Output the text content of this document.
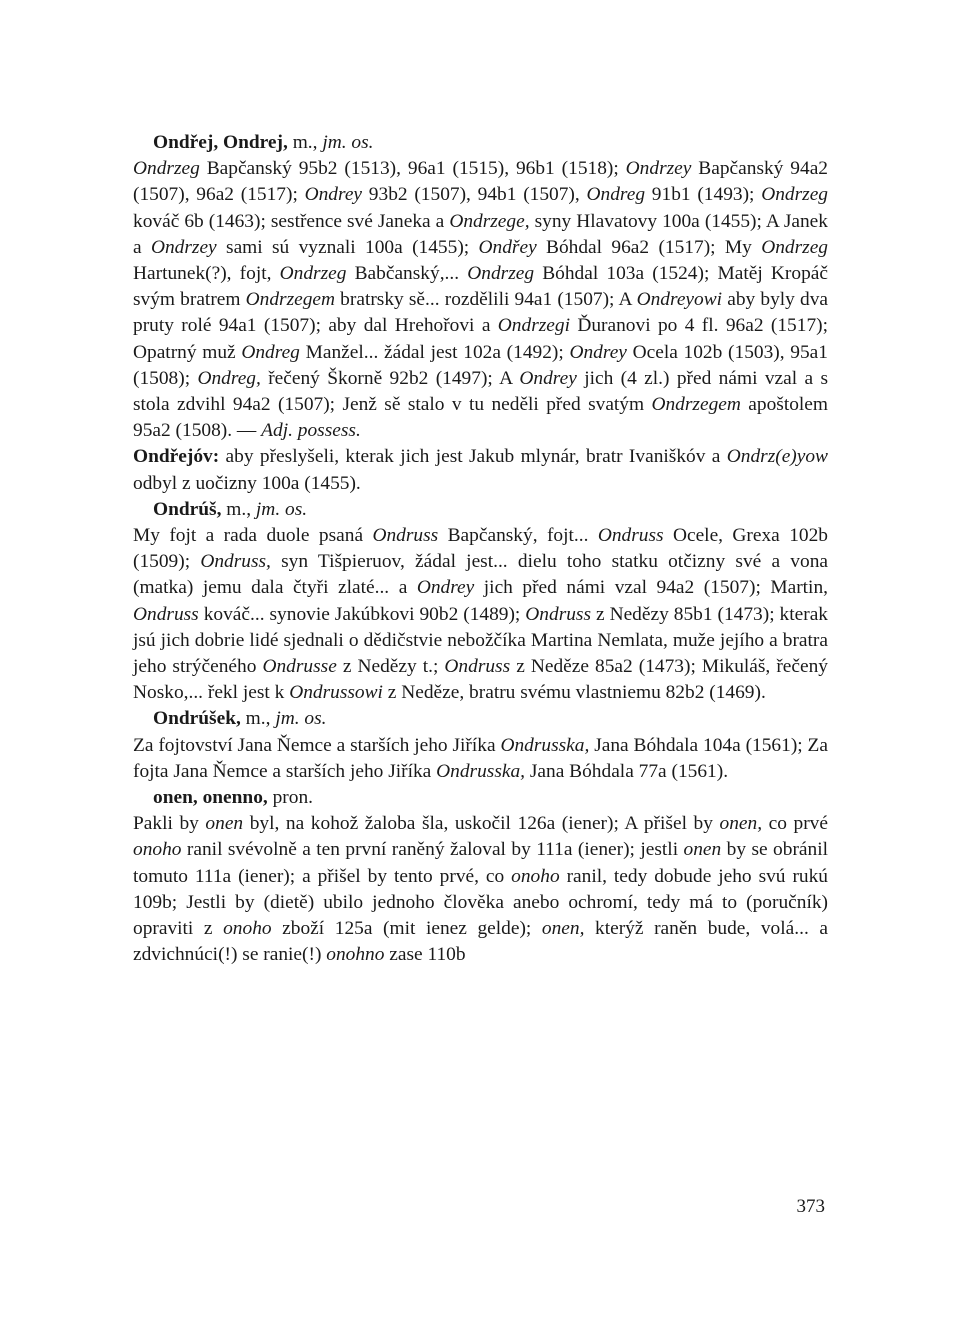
Ondřej, Ondrej, m., jm. os.

Ondrzeg Bapčanský 95b2 (1513), 96a1 (1515), 96b1 (1518); Ondrzey Bapčanský 94a2 (1507), 96a2 (1517); Ondrey 93b2 (1507), 94b1 (1507), Ondreg 91b1 (1493); Ondrzeg kováč 6b (1463); sestřence své Janeka a Ondrzege, syny Hlavatovy 100a (1455); A Janek a Ondrzey sami sú vyznali 100a (1455); Ondřey Bóhdal 96a2 (1517); My Ondrzeg Hartunek(?), fojt, Ondrzeg Babčanský,... Ondrzeg Bóhdal 103a (1524); Matěj Kropáč svým bratrem Ondrzegem bratrsky sě... rozdělili 94a1 (1507); A Ondreyowi aby byly dva pruty rolé 94a1 (1507); aby dal Hrehořovi a Ondrzegi Ďuranovi po 4 fl. 96a2 (1517); Opatrný muž Ondreg Manžel... žádal jest 102a (1492); Ondrey Ocela 102b (1503), 95a1 (1508); Ondreg, řečený Škorně 92b2 (1497); A Ondrey jich (4 zl.) před námi vzal a s stola zdvihl 94a2 (1507); Jenž sě stalo v tu neděli před svatým Ondrzegem apoštolem 95a2 (1508). — Adj. possess.

Ondřejóv: aby přeslyšeli, kterak jich jest Jakub mlynár, bratr Ivaniškóv a Ondrz(e)yow odbyl z uočizny 100a (1455).

Ondrúš, m., jm. os.

My fojt a rada duole psaná Ondruss Bapčanský, fojt... Ondruss Ocele, Grexa 102b (1509); Ondruss, syn Tišpieruov, žádal jest... dielu toho statku otčizny své a vona (matka) jemu dala čtyři zlaté... a Ondrey jich před námi vzal 94a2 (1507); Martin, Ondruss kováč... synovie Jakúbkovi 90b2 (1489); Ondruss z Nedězy 85b1 (1473); kterak jsú jich dobrie lidé sjednali o dědičstvie nebožčíka Martina Nemlata, muže jejího a bratra jeho strýčeného Ondrusse z Nedězy t.; Ondruss z Neděze 85a2 (1473); Mikuláš, řečený Nosko,... řekl jest k Ondrussowi z Neděze, bratru svému vlastniemu 82b2 (1469).

Ondrúšek, m., jm. os.

Za fojtovství Jana Ňemce a starších jeho Jiříka Ondrusska, Jana Bóhdala 104a (1561); Za fojta Jana Ňemce a starších jeho Jiříka Ondrusska, Jana Bóhdala 77a (1561).

onen, onenno, pron.

Pakli by onen byl, na kohož žaloba šla, uskočil 126a (iener); A přišel by onen, co prvé onoho ranil svévolně a ten první raněný žaloval by 111a (iener); jestli onen by se obránil tomuto 111a (iener); a přišel by tento prvé, co onoho ranil, tedy dobude jeho svú rukú 109b; Jestli by (dietě) ubilo jednoho člověka anebo ochromí, tedy má to (poručník) opraviti z onoho zboží 125a (mit ienez gelde); onen, kterýž raněn bude, volá... a zdvichnúci(!) se ranie(!) onohno zase 110b

373
